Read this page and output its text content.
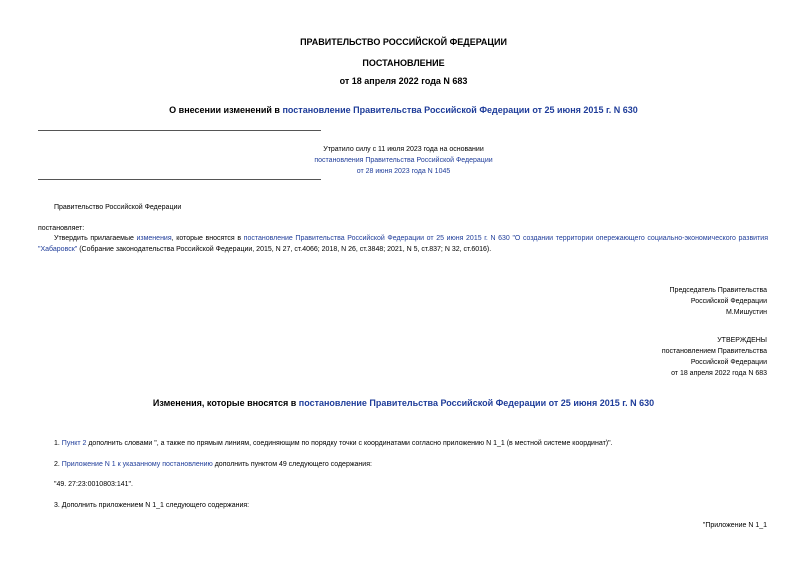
ПРАВИТЕЛЬСТВО РОССИЙСКОЙ ФЕДЕРАЦИИ
ПОСТАНОВЛЕНИЕ
от 18 апреля 2022 года N 683
О внесении изменений в постановление Правительства Российской Федерации от 25 июня 2015 г. N 630
Утратило силу с 11 июля 2023 года на основании
постановления Правительства Российской Федерации
от 28 июня 2023 года N 1045
Правительство Российской Федерации
постановляет:
Утвердить прилагаемые изменения, которые вносятся в постановление Правительства Российской Федерации от 25 июня 2015 г. N 630 "О создании территории опережающего социально-экономического развития "Хабаровск" (Собрание законодательства Российской Федерации, 2015, N 27, ст.4066; 2018, N 26, ст.3848; 2021, N 5, ст.837; N 32, ст.6016).
Председатель Правительства
Российской Федерации
М.Мишустин
УТВЕРЖДЕНЫ
постановлением Правительства
Российской Федерации
от 18 апреля 2022 года N 683
Изменения, которые вносятся в постановление Правительства Российской Федерации от 25 июня 2015 г. N 630
1. Пункт 2 дополнить словами ", а также по прямым линиям, соединяющим по порядку точки с координатами согласно приложению N 1_1 (в местной системе координат)".
2. Приложение N 1 к указанному постановлению дополнить пунктом 49 следующего содержания:
"49. 27:23:0010803:141".
3. Дополнить приложением N 1_1 следующего содержания:
"Приложение N 1_1
